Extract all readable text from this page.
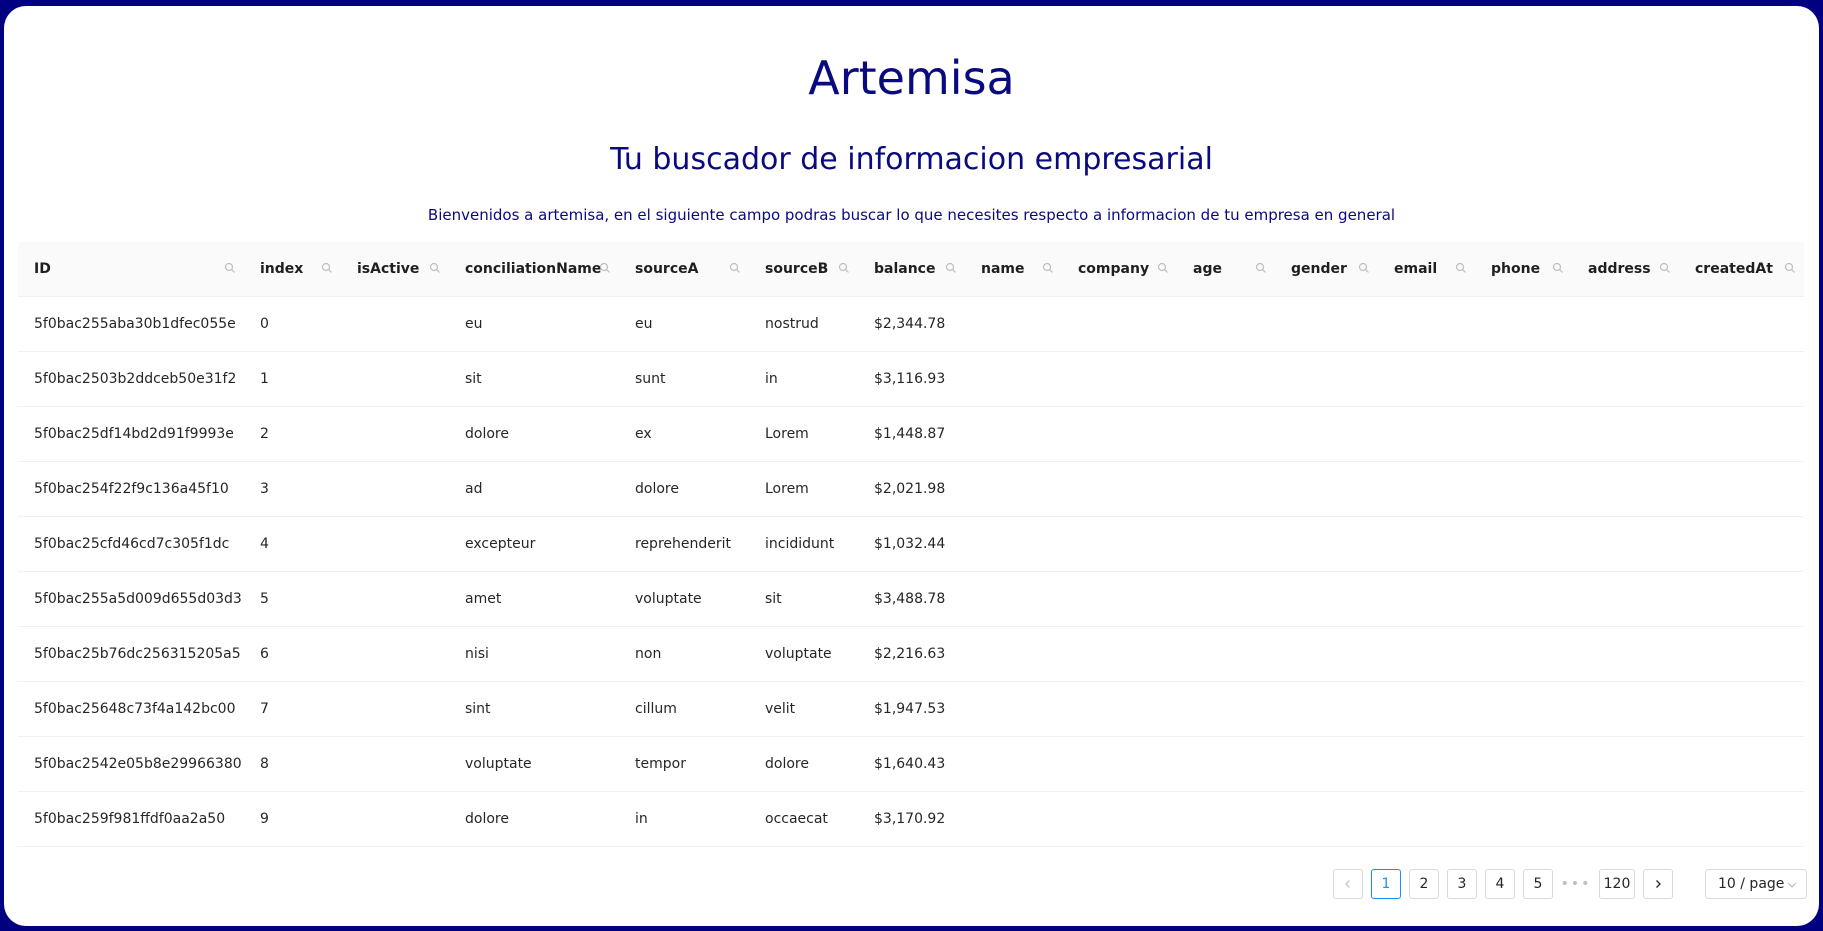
Artemisa
Tu buscador de informacion empresarial
Bienvenidos a artemisa, en el siguiente campo podras buscar lo que necesites respecto a informacion de tu empresa en general
ID	index	isActive	conciliationName	sourceA	sourceB	balance	name	company	age	gender	email	phone	address	createdAt

5f0bac255aba30b1dfec055e	0		eu	eu	nostrud	$2,344.78								
5f0bac2503b2ddceb50e31f2	1		sit	sunt	in	$3,116.93								
5f0bac25df14bd2d91f9993e	2		dolore	ex	Lorem	$1,448.87								
5f0bac254f22f9c136a45f10	3		ad	dolore	Lorem	$2,021.98								
5f0bac25cfd46cd7c305f1dc	4		excepteur	reprehenderit	incididunt	$1,032.44								
5f0bac255a5d009d655d03d3	5		amet	voluptate	sit	$3,488.78								
5f0bac25b76dc256315205a5	6		nisi	non	voluptate	$2,216.63								
5f0bac25648c73f4a142bc00	7		sint	cillum	velit	$1,947.53								
5f0bac2542e05b8e29966380	8		voluptate	tempor	dolore	$1,640.43								
5f0bac259f981ffdf0aa2a50	9		dolore	in	occaecat	$3,170.92								
1	2	3	4	5	••• 120	10 / page
